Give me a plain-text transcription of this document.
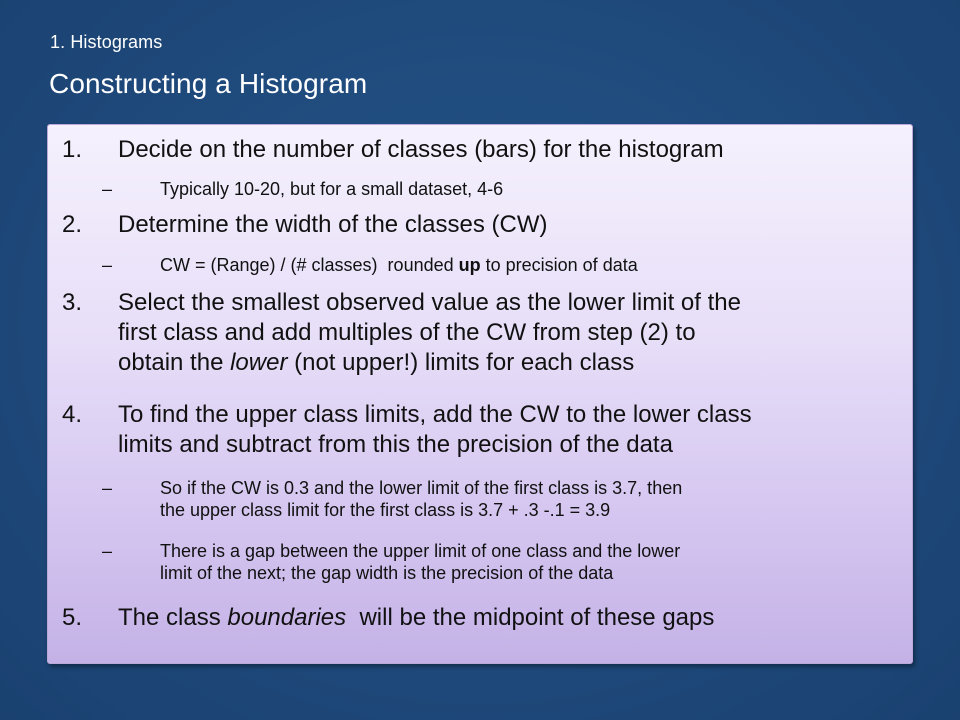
1. Histograms
Constructing a Histogram
1. Decide on the number of classes (bars) for the histogram
–	Typically 10-20, but for a small dataset, 4-6
2. Determine the width of the classes (CW)
–	CW = (Range) / (# classes)  rounded up to precision of data
3. Select the smallest observed value as the lower limit of the
first class and add multiples of the CW from step (2) to
obtain the lower (not upper!) limits for each class
4. To find the upper class limits, add the CW to the lower class
limits and subtract from this the precision of the data
–	So if the CW is 0.3 and the lower limit of the first class is 3.7, then
the upper class limit for the first class is 3.7 + .3 -.1 = 3.9
–	There is a gap between the upper limit of one class and the lower
limit of the next; the gap width is the precision of the data
5. The class boundaries  will be the midpoint of these gaps
